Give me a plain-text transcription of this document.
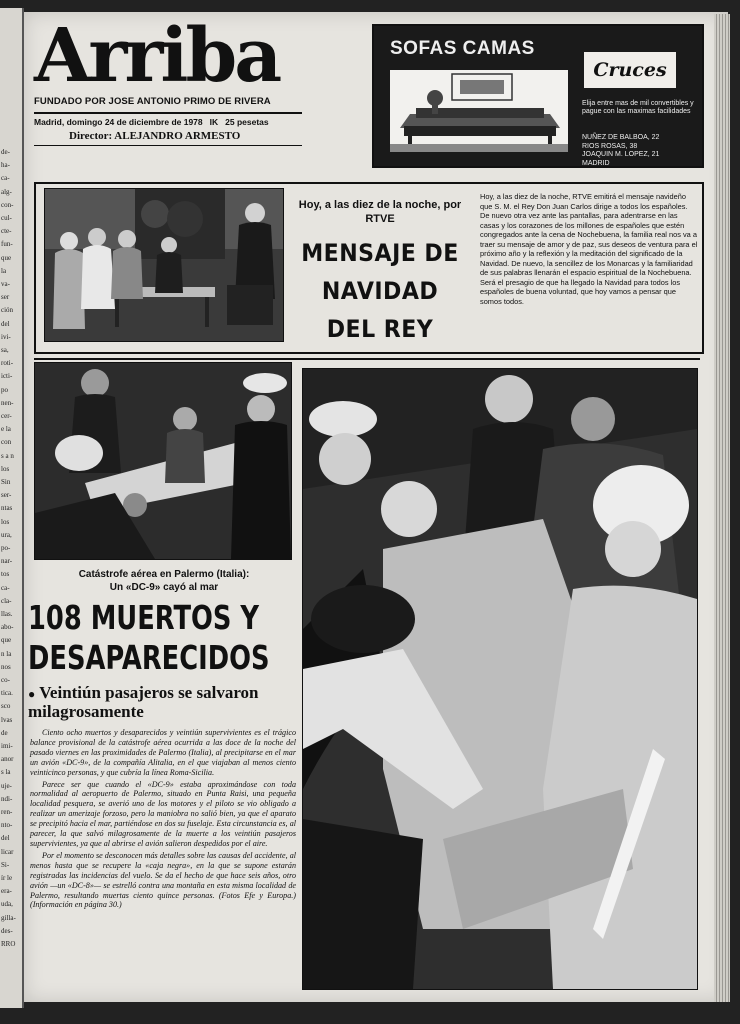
de-
ha-
ca-
alg-
con-
cul-
cte-
fun-
que
la
va-
ser
ción
del
ivi-
sa,
roti-
icti-
po
nen-
cer-
e la
con
s a n
los
Sin
ser-
ntas
los
ura,
po-
nar-
tos
ca-
cla-
llas.
abo-
que
n la
nos
co-
tica.
sco
lvas
de
imi-
anor
s la
uje-
ndi-
ren-
nto-
del
licar
Si-
ír le
era-
uda,
gilla-
des-
RRO
Arriba
FUNDADO POR JOSE ANTONIO PRIMO DE RIVERA
Madrid, domingo 24 de diciembre de 1978 IK 25 pesetas
Director: ALEJANDRO ARMESTO
SOFAS CAMAS
Cruces
Elija entre mas de mil convertibles y pague con las maximas facilidades
NUÑEZ DE BALBOA, 22
RIOS ROSAS, 38
JOAQUIN M. LOPEZ, 21
MADRID
Hoy, a las diez de la noche, por RTVE
MENSAJE DE
NAVIDAD
DEL REY
Hoy, a las diez de la noche, RTVE emitirá el mensaje navideño que S. M. el Rey Don Juan Carlos dirige a todos los españoles. De nuevo otra vez ante las pantallas, para adentrarse en las casas y los corazones de los millones de españoles que estén congregados ante la cena de Nochebuena, la familia real nos va a traer su mensaje de amor y de paz, sus deseos de ventura para el próximo año y la reflexión y la meditación del significado de la Navidad. De nuevo, la sencillez de los Monarcas y la familiaridad de sus palabras llenarán el espacio espiritual de la Nochebuena. Será el presagio de que ha llegado la Navidad para todos los españoles de buena voluntad, que hoy vamos a pensar que somos todos.
Catástrofe aérea en Palermo (Italia):
Un «DC-9» cayó al mar
108 MUERTOS Y
DESAPARECIDOS
● Veintiún pasajeros se salvaron milagrosamente

Ciento ocho muertos y desaparecidos y veintiún supervivientes es el trágico balance provisional de la catástrofe aérea ocurrida a las doce de la noche del pasado viernes en las proximidades de Palermo (Italia), al precipitarse en el mar un avión «DC-9», de la compañía Alitalia, en el que viajaban al menos ciento veinticinco personas, y que cubría la línea Roma-Sicilia.

Parece ser que cuando el «DC-9» estaba aproximándose con toda normalidad al aeropuerto de Palermo, situado en Punta Raisi, una pequeña localidad pesquera, se averió uno de los motores y el piloto se vio obligado a realizar un amerizaje forzoso, pero la maniobra no salió bien, ya que el aparato se precipitó hacia el mar, partiéndose en dos su fuselaje. Esta circunstancia es, al parecer, la que salvó milagrosamente de la muerte a los veintiún pasajeros supervivientes, ya que al abrirse el avión salieron despedidos por el aire.

Por el momento se desconocen más detalles sobre las causas del accidente, al menos hasta que se recupere la «caja negra», en la que se supone estarán registradas las incidencias del vuelo. Se da el hecho de que hace seis años, otro avión —un «DC-8»— se estrelló contra una montaña en esta misma localidad de Palermo, resultando muertas ciento quince personas. (Fotos Efe y Europa.) (Información en página 30.)
